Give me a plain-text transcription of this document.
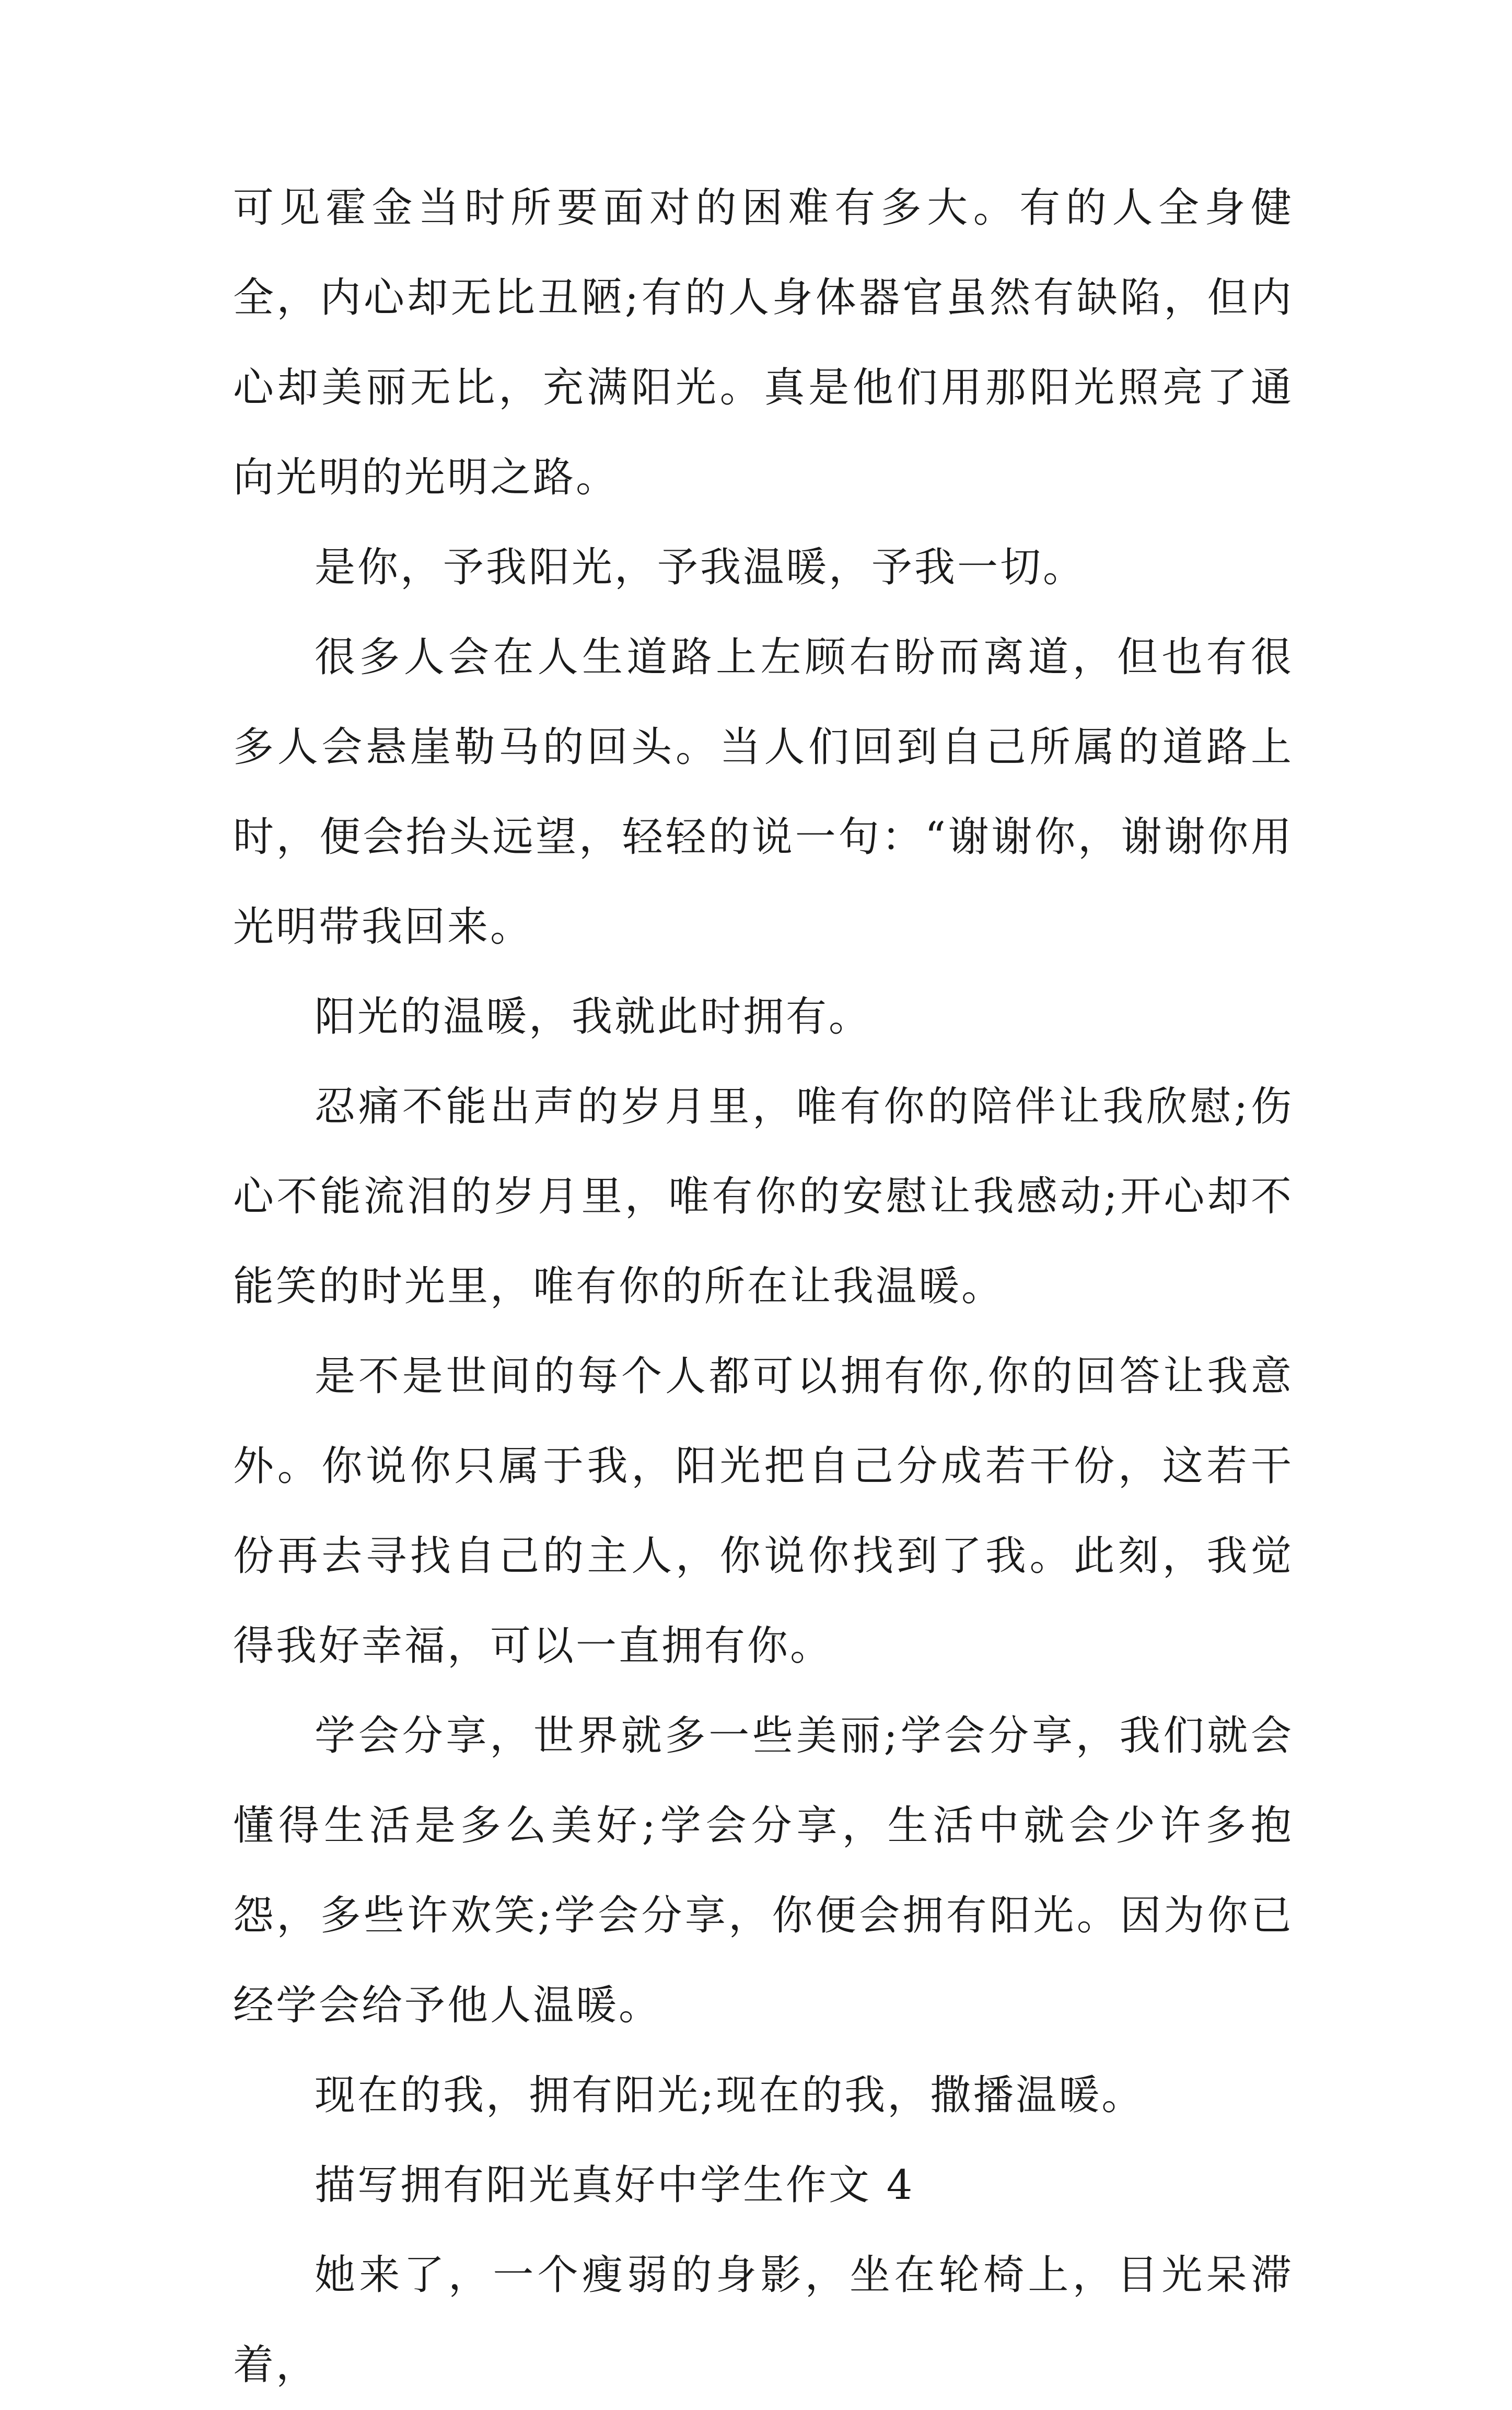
可见霍金当时所要面对的困难有多大。有的人全身健全，内心却无比丑陋;有的人身体器官虽然有缺陷，但内心却美丽无比，充满阳光。真是他们用那阳光照亮了通向光明的光明之路。

是你，予我阳光，予我温暖，予我一切。

很多人会在人生道路上左顾右盼而离道，但也有很多人会悬崖勒马的回头。当人们回到自己所属的道路上时，便会抬头远望，轻轻的说一句：“谢谢你，谢谢你用光明带我回来。

阳光的温暖，我就此时拥有。

忍痛不能出声的岁月里，唯有你的陪伴让我欣慰;伤心不能流泪的岁月里，唯有你的安慰让我感动;开心却不能笑的时光里，唯有你的所在让我温暖。

是不是世间的每个人都可以拥有你,你的回答让我意外。你说你只属于我，阳光把自己分成若干份，这若干份再去寻找自己的主人，你说你找到了我。此刻，我觉得我好幸福，可以一直拥有你。

学会分享，世界就多一些美丽;学会分享，我们就会懂得生活是多么美好;学会分享，生活中就会少许多抱怨，多些许欢笑;学会分享，你便会拥有阳光。因为你已经学会给予他人温暖。

现在的我，拥有阳光;现在的我，撒播温暖。

描写拥有阳光真好中学生作文 4

她来了，一个瘦弱的身影，坐在轮椅上，目光呆滞着，
